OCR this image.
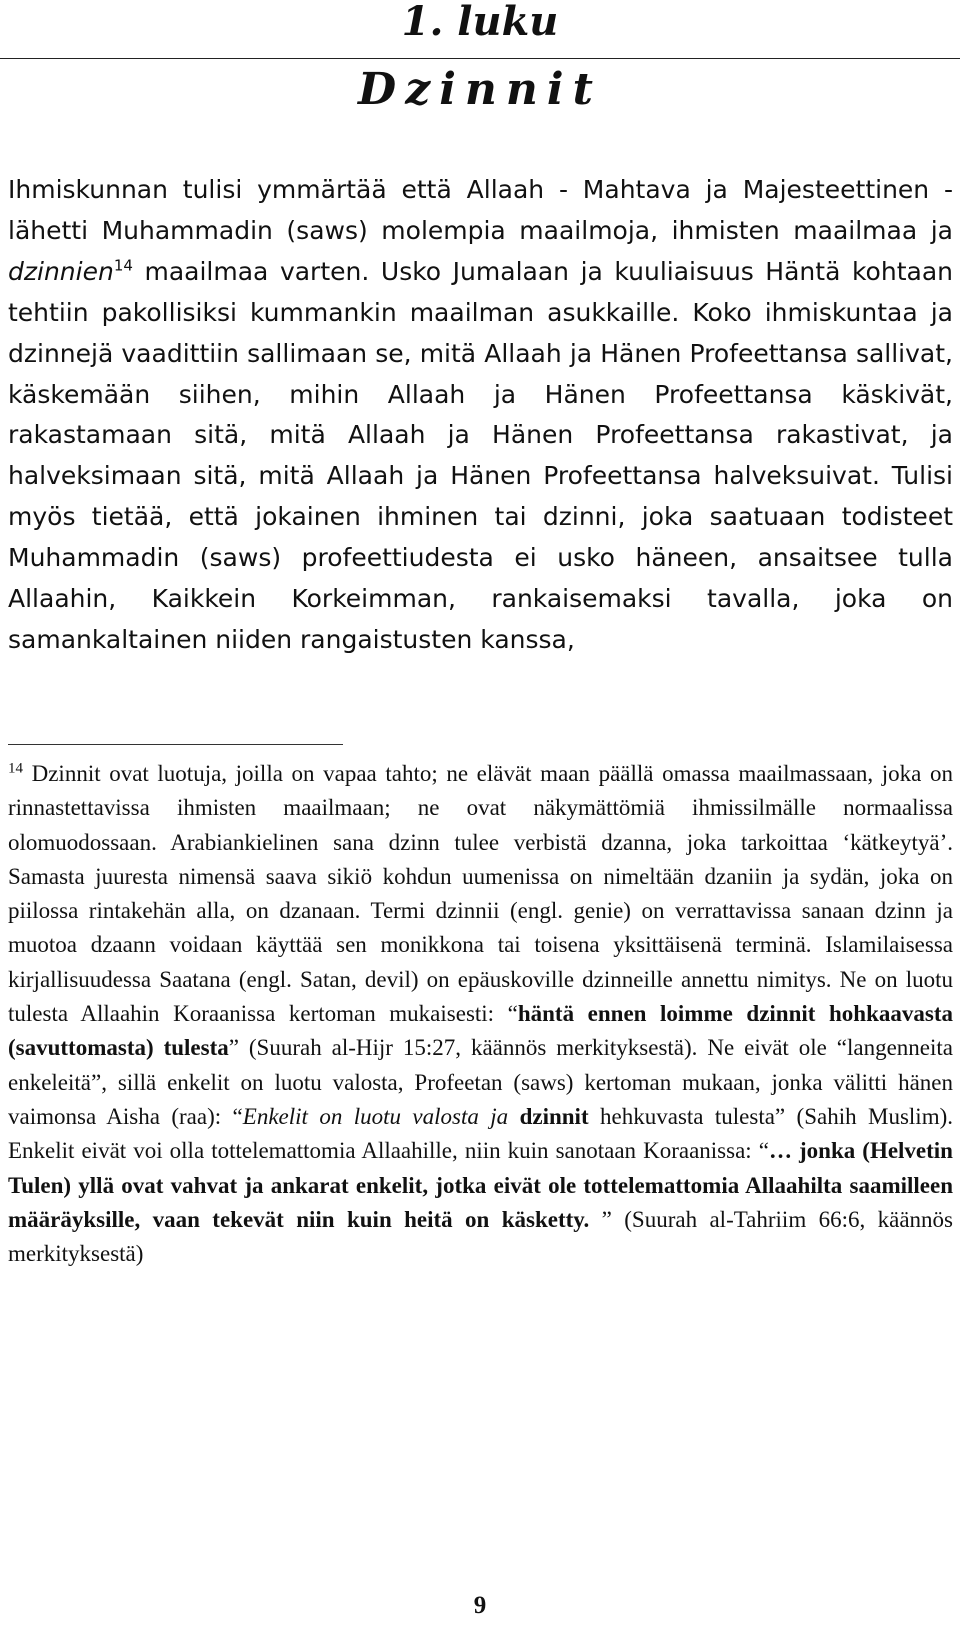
1. luku
Dzinnit

Ihmiskunnan tulisi ymmärtää että Allaah - Mahtava ja Majesteettinen - lähetti Muhammadin (saws) molempia maailmoja, ihmisten maailmaa ja dzinnien$^{14}$ maailmaa varten. Usko Jumalaan ja kuuliaisuus Häntä kohtaan tehtiin pakollisiksi kummankin maailman asukkaille. Koko ihmiskuntaa ja dzinnejä vaadittiin sallimaan se, mitä Allaah ja Hänen Profeettansa sallivat, käskemään siihen, mihin Allaah ja Hänen Profeettansa käskivät, rakastamaan sitä, mitä Allaah ja Hänen Profeettansa rakastivat, ja halveksimaan sitä, mitä Allaah ja Hänen Profeettansa halveksuivat. Tulisi myös tietää, että jokainen ihminen tai dzinni, joka saatuaan todisteet Muhammadin (saws) profeettiudesta ei usko häneen, ansaitsee tulla Allaahin, Kaikkein Korkeimman, rankaisemaksi tavalla, joka on samankaltainen niiden rangaistusten kanssa,

$^{14}$ Dzinnit ovat luotuja, joilla on vapaa tahto; ne elävät maan päällä omassa maailmassaan, joka on rinnastettavissa ihmisten maailmaan; ne ovat näkymättömiä ihmissilmälle normaalissa olomuodossaan. Arabiankielinen sana dzinn tulee verbistä dzanna, joka tarkoittaa ‘kätkeytyä’. Samasta juuresta nimensä saava sikiö kohdun uumenissa on nimeltään dzaniin ja sydän, joka on piilossa rintakehän alla, on dzanaan. Termi dzinnii (engl. genie) on verrattavissa sanaan dzinn ja muotoa dzaann voidaan käyttää sen monikkona tai toisena yksittäisenä terminä. Islamilaisessa kirjallisuudessa Saatana (engl. Satan, devil) on epäuskoville dzinneille annettu nimitys. Ne on luotu tulesta Allaahin Koraanissa kertoman mukaisesti: “häntä ennen loimme dzinnit hohkaavasta (savuttomasta) tulesta” (Suurah al-Hijr 15:27, käännös merkityksestä). Ne eivät ole “langenneita enkeleitä”, sillä enkelit on luotu valosta, Profeetan (saws) kertoman mukaan, jonka välitti hänen vaimonsa Aisha (raa): “Enkelit on luotu valosta ja dzinnit hehkuvasta tulesta” (Sahih Muslim). Enkelit eivät voi olla tottelemattomia Allaahille, niin kuin sanotaan Koraanissa: “… jonka (Helvetin Tulen) yllä ovat vahvat ja ankarat enkelit, jotka eivät ole tottelemattomia Allaahilta saamilleen määräyksille, vaan tekevät niin kuin heitä on käsketty. ” (Suurah al-Tahriim 66:6, käännös merkityksestä)

9
